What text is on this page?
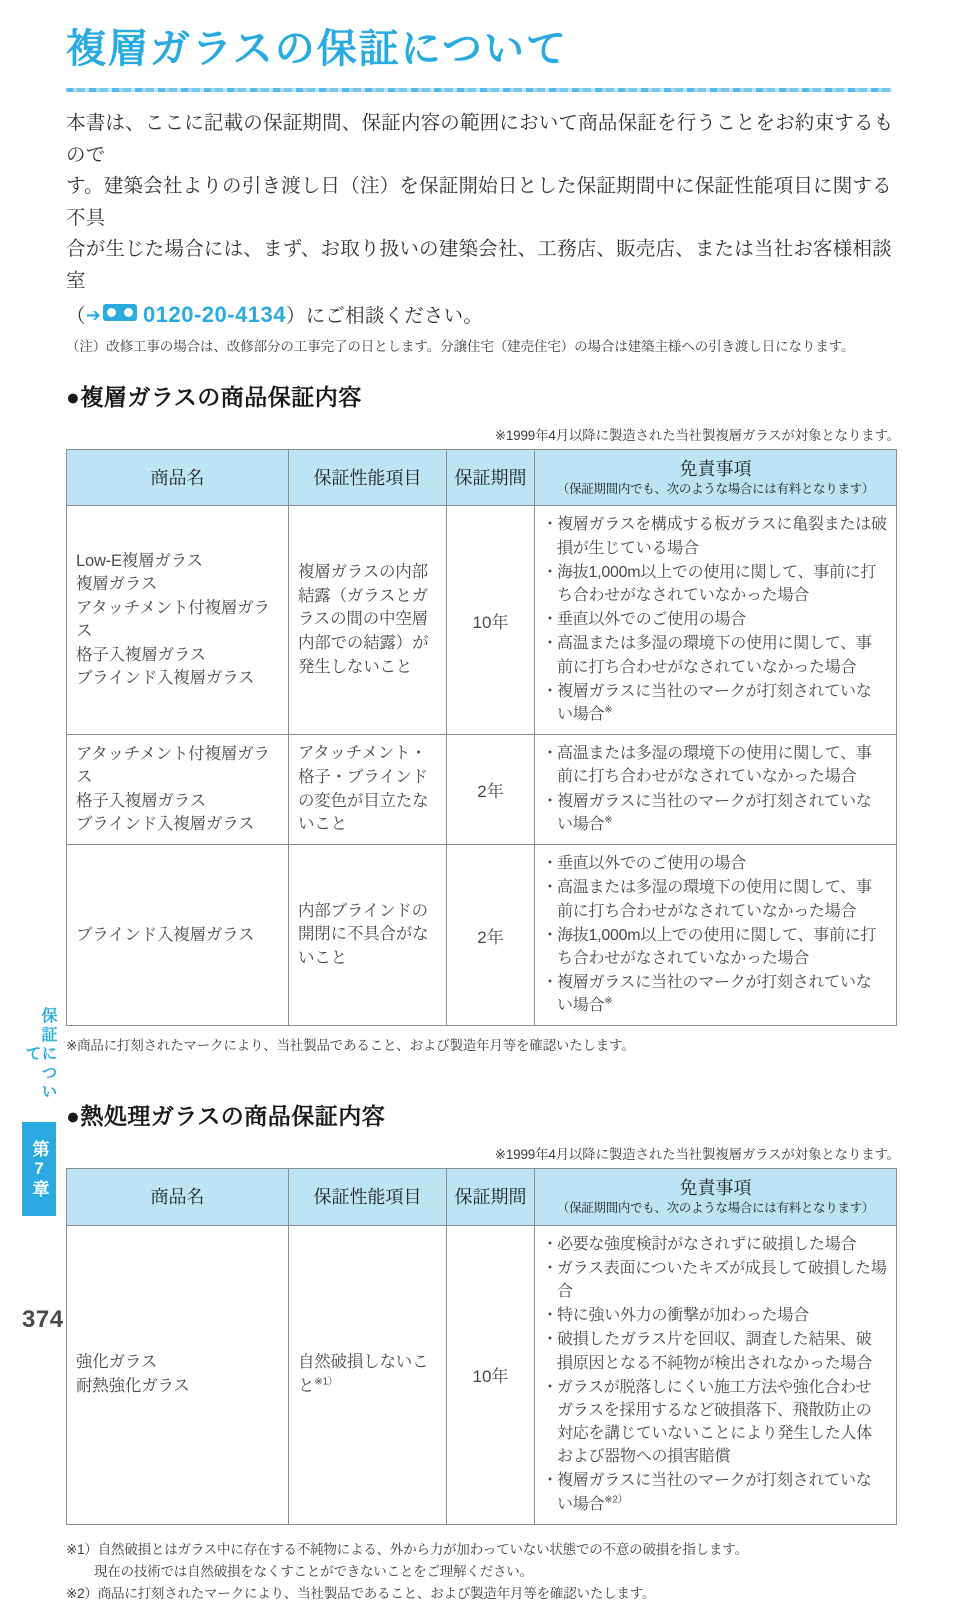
複層ガラスの保証について
本書は、ここに記載の保証期間、保証内容の範囲において商品保証を行うことをお約束するもので
す。建築会社よりの引き渡し日（注）を保証開始日とした保証期間中に保証性能項目に関する不具
合が生じた場合には、まず、お取り扱いの建築会社、工務店、販売店、または当社お客様相談室
（➔ 0120-20-4134）にご相談ください。
（注）改修工事の場合は、改修部分の工事完了の日とします。分譲住宅（建売住宅）の場合は建築主様への引き渡し日になります。
●複層ガラスの商品保証内容
※1999年4月以降に製造された当社製複層ガラスが対象となります。
商品名	保証性能項目	保証期間	免責事項
（保証期間内でも、次のような場合には有料となります）

Low-E複層ガラス
複層ガラス
アタッチメント付複層ガラス
格子入複層ガラス
ブラインド入複層ガラス	複層ガラスの内部結露（ガラスとガラスの間の中空層内部での結露）が発生しないこと	10年	
・ 複層ガラスを構成する板ガラスに亀裂または破損が生じている場合
・ 海抜1,000m以上での使用に関して、事前に打ち合わせがなされていなかった場合
・ 垂直以外でのご使用の場合
・ 高温または多湿の環境下の使用に関して、事前に打ち合わせがなされていなかった場合
・ 複層ガラスに当社のマークが打刻されていない場合※

アタッチメント付複層ガラス
格子入複層ガラス
ブラインド入複層ガラス	アタッチメント・格子・ブラインドの変色が目立たないこと	2年	
・ 高温または多湿の環境下の使用に関して、事前に打ち合わせがなされていなかった場合
・ 複層ガラスに当社のマークが打刻されていない場合※

ブラインド入複層ガラス	内部ブラインドの開閉に不具合がないこと	2年	
・ 垂直以外でのご使用の場合
・ 高温または多湿の環境下の使用に関して、事前に打ち合わせがなされていなかった場合
・ 海抜1,000m以上での使用に関して、事前に打ち合わせがなされていなかった場合
・ 複層ガラスに当社のマークが打刻されていない場合※
※商品に打刻されたマークにより、当社製品であること、および製造年月等を確認いたします。
●熱処理ガラスの商品保証内容
※1999年4月以降に製造された当社製複層ガラスが対象となります。
商品名	保証性能項目	保証期間	免責事項
（保証期間内でも、次のような場合には有料となります）

強化ガラス
耐熱強化ガラス	自然破損しないこと$^{※1)}$	10年	
・ 必要な強度検討がなされずに破損した場合
・ ガラス表面についたキズが成長して破損した場合
・ 特に強い外力の衝撃が加わった場合
・ 破損したガラス片を回収、調査した結果、破損原因となる不純物が検出されなかった場合
・ ガラスが脱落しにくい施工方法や強化合わせガラスを採用するなど破損落下、飛散防止の対応を講じていないことにより発生した人体および器物への損害賠償
・ 複層ガラスに当社のマークが打刻されていない場合$^{※2)}$
※1）自然破損とはガラス中に存在する不純物による、外から力が加わっていない状態での不意の破損を指します。
現在の技術では自然破損をなくすことができないことをご理解ください。
※2）商品に打刻されたマークにより、当社製品であること、および製造年月等を確認いたします。
保証について
第7章
374
